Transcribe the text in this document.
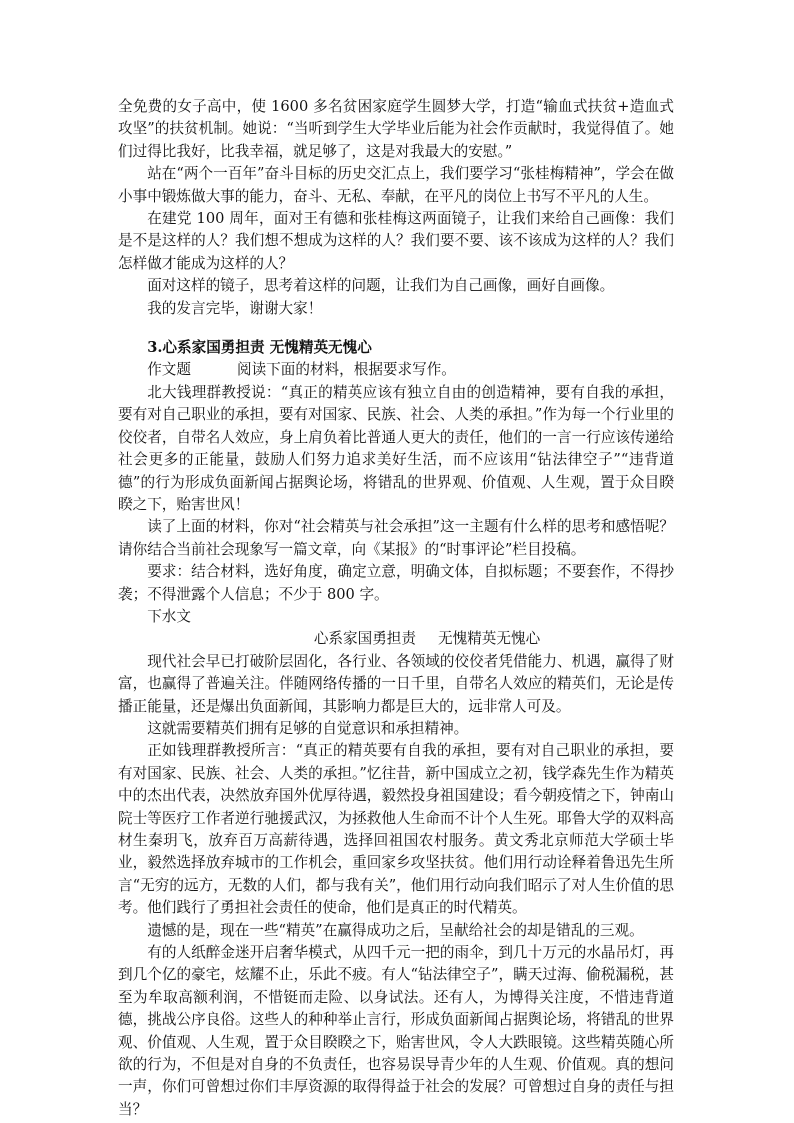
全免费的女子高中，使 1600 多名贫困家庭学生圆梦大学，打造“输血式扶贫+造血式攻坚”的扶贫机制。她说：“当听到学生大学毕业后能为社会作贡献时，我觉得值了。她们过得比我好，比我幸福，就足够了，这是对我最大的安慰。”

站在“两个一百年”奋斗目标的历史交汇点上，我们要学习“张桂梅精神”，学会在做小事中锻炼做大事的能力，奋斗、无私、奉献，在平凡的岗位上书写不平凡的人生。

在建党 100 周年，面对王有德和张桂梅这两面镜子，让我们来给自己画像：我们是不是这样的人？我们想不想成为这样的人？我们要不要、该不该成为这样的人？我们怎样做才能成为这样的人？

面对这样的镜子，思考着这样的问题，让我们为自己画像，画好自画像。

我的发言完毕，谢谢大家！

3.心系家国勇担责 无愧精英无愧心

作文题	阅读下面的材料，根据要求写作。

北大钱理群教授说：“真正的精英应该有独立自由的创造精神，要有自我的承担，要有对自己职业的承担，要有对国家、民族、社会、人类的承担。”作为每一个行业里的佼佼者，自带名人效应，身上肩负着比普通人更大的责任，他们的一言一行应该传递给社会更多的正能量，鼓励人们努力追求美好生活，而不应该用“钻法律空子”“违背道德”的行为形成负面新闻占据舆论场，将错乱的世界观、价值观、人生观，置于众目睽睽之下，贻害世风！

读了上面的材料，你对“社会精英与社会承担”这一主题有什么样的思考和感悟呢？请你结合当前社会现象写一篇文章，向《某报》的“时事评论”栏目投稿。

要求：结合材料，选好角度，确定立意，明确文体，自拟标题；不要套作，不得抄袭；不得泄露个人信息；不少于 800 字。

下水文

心系家国勇担责 无愧精英无愧心

现代社会早已打破阶层固化，各行业、各领域的佼佼者凭借能力、机遇，赢得了财富，也赢得了普遍关注。伴随网络传播的一日千里，自带名人效应的精英们，无论是传播正能量，还是爆出负面新闻，其影响力都是巨大的，远非常人可及。

这就需要精英们拥有足够的自觉意识和承担精神。

正如钱理群教授所言：“真正的精英要有自我的承担，要有对自己职业的承担，要有对国家、民族、社会、人类的承担。”忆往昔，新中国成立之初，钱学森先生作为精英中的杰出代表，决然放弃国外优厚待遇，毅然投身祖国建设；看今朝疫情之下，钟南山院士等医疗工作者逆行驰援武汉，为拯救他人生命而不计个人生死。耶鲁大学的双料高材生秦玥飞，放弃百万高薪待遇，选择回祖国农村服务。黄文秀北京师范大学硕士毕业，毅然选择放弃城市的工作机会，重回家乡攻坚扶贫。他们用行动诠释着鲁迅先生所言“无穷的远方，无数的人们，都与我有关”，他们用行动向我们昭示了对人生价值的思考。他们践行了勇担社会责任的使命，他们是真正的时代精英。

遗憾的是，现在一些“精英”在赢得成功之后，呈献给社会的却是错乱的三观。

有的人纸醉金迷开启奢华模式，从四千元一把的雨伞，到几十万元的水晶吊灯，再到几个亿的豪宅，炫耀不止，乐此不疲。有人“钻法律空子”，瞒天过海、偷税漏税，甚至为牟取高额利润，不惜铤而走险、以身试法。还有人，为博得关注度，不惜违背道德，挑战公序良俗。这些人的种种举止言行，形成负面新闻占据舆论场，将错乱的世界观、价值观、人生观，置于众目睽睽之下，贻害世风，令人大跌眼镜。这些精英随心所欲的行为，不但是对自身的不负责任，也容易误导青少年的人生观、价值观。真的想问一声，你们可曾想过你们丰厚资源的取得得益于社会的发展？可曾想过自身的责任与担当？
